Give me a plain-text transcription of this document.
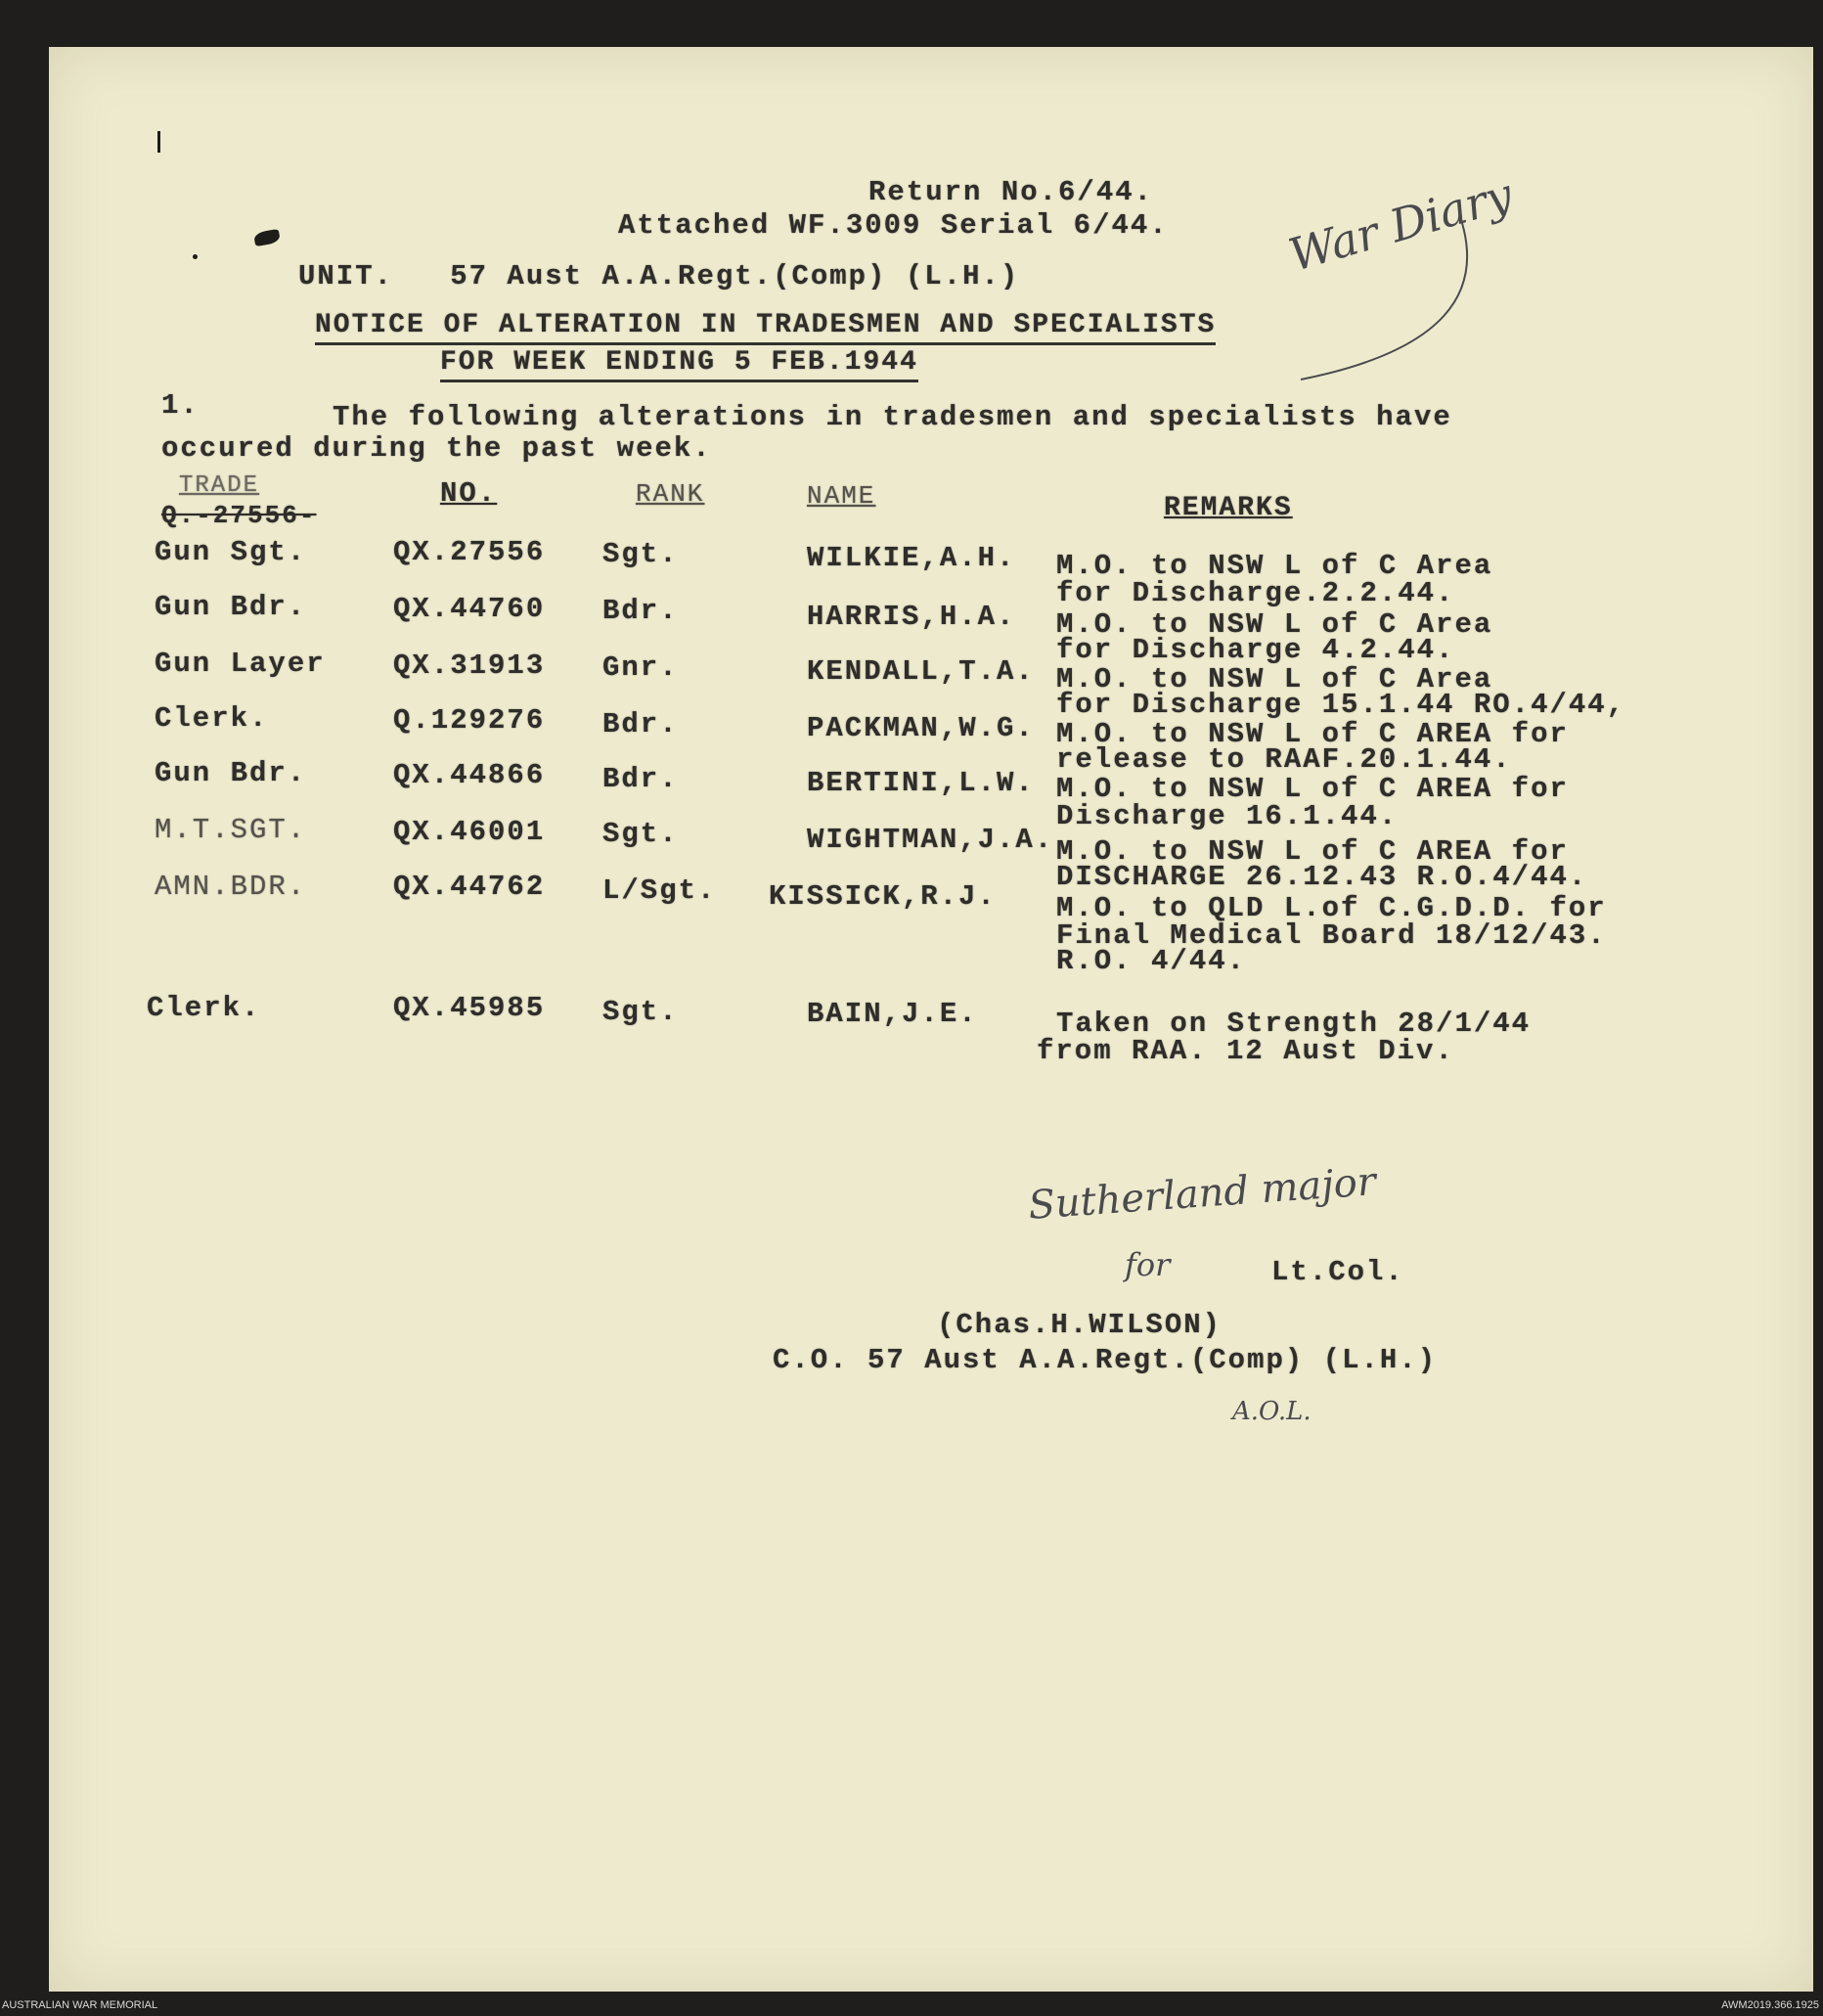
Return No.6/44.
Attached WF.3009 Serial 6/44.
UNIT.   57 Aust A.A.Regt.(Comp) (L.H.)
NOTICE OF ALTERATION IN TRADESMEN AND SPECIALISTS
FOR WEEK ENDING 5 FEB.1944
War Diary
1.	The following alterations in tradesmen and specialists have
occured during the past week.
TRADE
Q.-27556-
NO.	RANK	NAME	REMARKS
Gun Sgt.	QX.27556 Sgt.	WILKIE,A.H. M.O. to NSW L of C Area
for Discharge.2.2.44.
Gun Bdr.	QX.44760 Bdr.	HARRIS,H.A. M.O. to NSW L of C Area
for Discharge 4.2.44.
Gun Layer QX.31913 Gnr.	KENDALL,T.A. M.O. to NSW L of C Area
for Discharge 15.1.44 RO.4/44,
Clerk.	Q.129276 Bdr.	PACKMAN,W.G. M.O. to NSW L of C AREA for
release to RAAF.20.1.44.
Gun Bdr.	QX.44866 Bdr.	BERTINI,L.W. M.O. to NSW L of C AREA for
Discharge 16.1.44.
M.T.SGT.	QX.46001 Sgt.	WIGHTMAN,J.A. M.O. to NSW L of C AREA for
DISCHARGE 26.12.43 R.O.4/44.
AMN.BDR.	QX.44762 L/Sgt. KISSICK,R.J. M.O. to QLD L.of C.G.D.D. for
Final Medical Board 18/12/43.
R.O. 4/44.
Clerk.	QX.45985 Sgt.	BAIN,J.E.	Taken on Strength 28/1/44
from RAA. 12 Aust Div.
Sutherland major
for	Lt.Col.
(Chas.H.WILSON)
C.O. 57 Aust A.A.Regt.(Comp) (L.H.)
A.O.L.
AUSTRALIAN WAR MEMORIAL	AWM2019.366.1925
